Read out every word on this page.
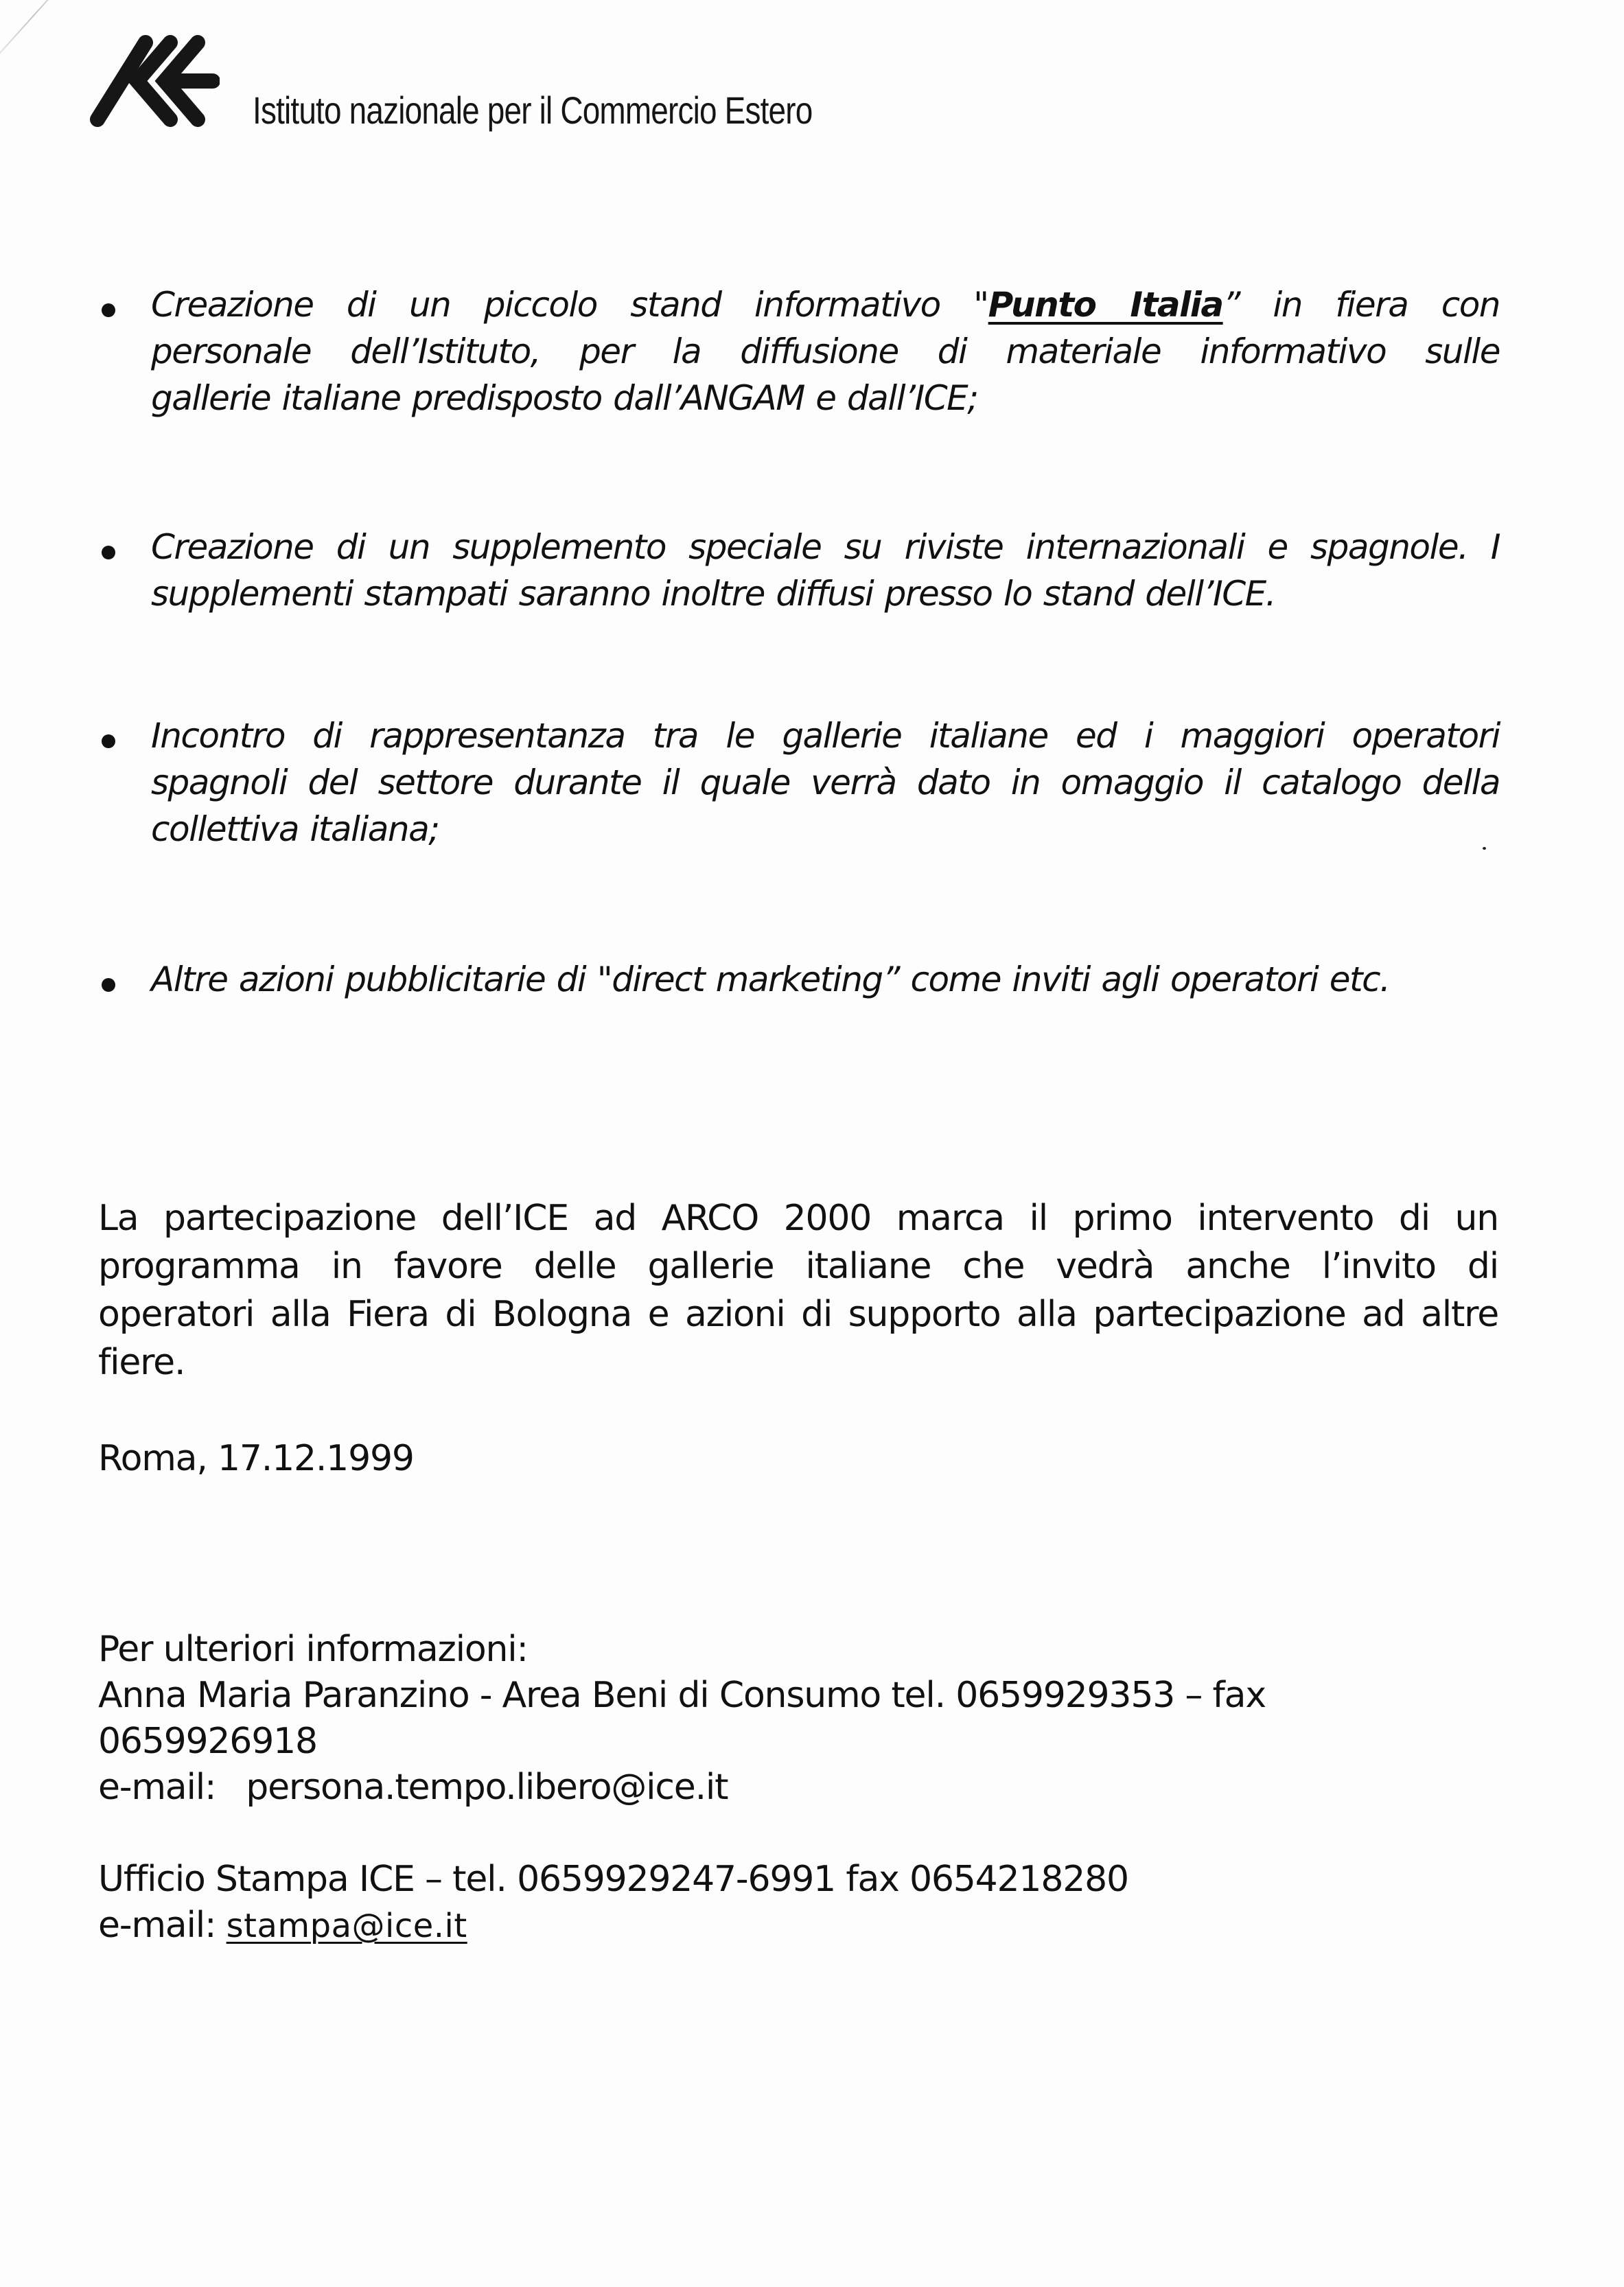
Istituto nazionale per il Commercio Estero
Creazione di un piccolo stand informativo "Punto Italia” in fiera con
personale dell’Istituto, per la diffusione di materiale informativo sulle
gallerie italiane predisposto dall’ANGAM e dall’ICE;
Creazione di un supplemento speciale su riviste internazionali e spagnole. I
supplementi stampati saranno inoltre diffusi presso lo stand dell’ICE.
Incontro di rappresentanza tra le gallerie italiane ed i maggiori operatori
spagnoli del settore durante il quale verrà dato in omaggio il catalogo della
collettiva italiana;
Altre azioni pubblicitarie di "direct marketing” come inviti agli operatori etc.
La partecipazione dell’ICE ad ARCO 2000 marca il primo intervento di un
programma in favore delle gallerie italiane che vedrà anche l’invito di
operatori alla Fiera di Bologna e azioni di supporto alla partecipazione ad altre
fiere.
Roma, 17.12.1999
Per ulteriori informazioni:
Anna Maria Paranzino - Area Beni di Consumo tel. 0659929353 – fax
0659926918
e-mail: persona.tempo.libero@ice.it
Ufficio Stampa ICE – tel. 0659929247-6991 fax 0654218280
e-mail: stampa@ice.it
